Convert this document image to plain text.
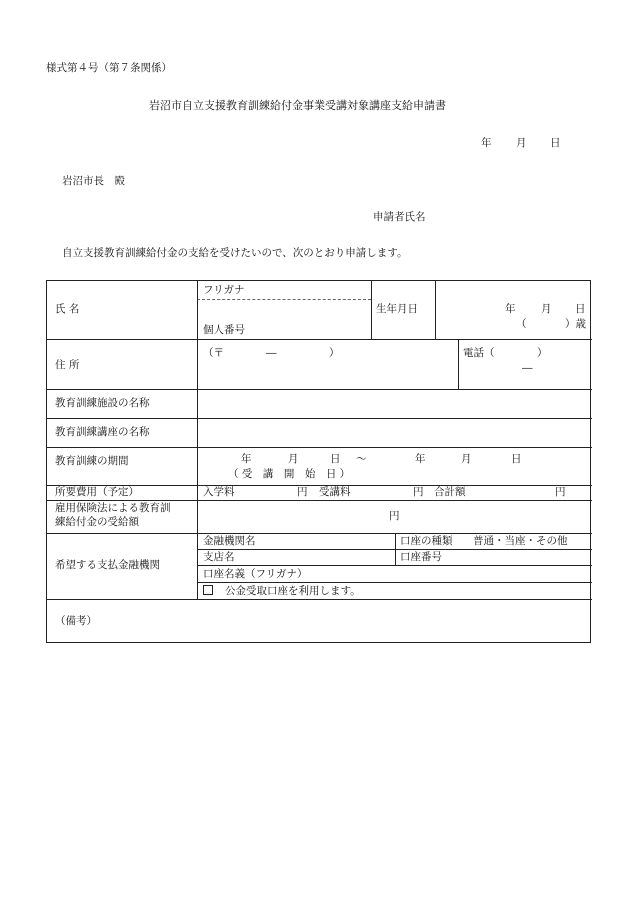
様式第４号（第７条関係）
岩沼市自立支援教育訓練給付金事業受講対象講座支給申請書
年 月 日
岩沼市長　殿
申請者氏名
自立支援教育訓練給付金の支給を受けたいので、次のとおり申請します。
氏 名
フリガナ
個人番号
生年月日	年 月 日
（	）歳
住 所
（〒　　　　―　　　　　）	電話（	）
―
教育訓練施設の名称
教育訓練講座の名称
教育訓練の期間	年	月	日 ～	年	月	日
（ 受　講　開　始　日 ）
所要費用（予定）	入学料	円 受講料	円 合計額	円
雇用保険法による教育訓
練給付金の受給額	円
希望する支払金融機関
金融機関名	口座の種類 普通・当座・その他
支店名	口座番号
口座名義（フリガナ）
公金受取口座を利用します。
（備考）
